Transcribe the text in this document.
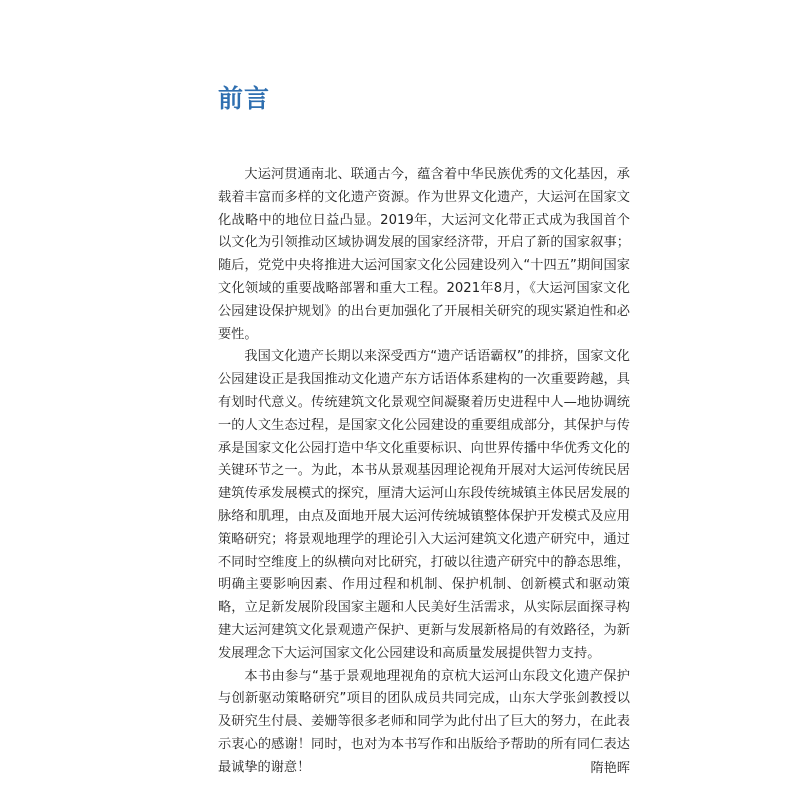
前言

大运河贯通南北、联通古今，蕴含着中华民族优秀的文化基因，承载着丰富而多样的文化遗产资源。作为世界文化遗产，大运河在国家文化战略中的地位日益凸显。2019年，大运河文化带正式成为我国首个以文化为引领推动区域协调发展的国家经济带，开启了新的国家叙事；随后，党党中央将推进大运河国家文化公园建设列入“十四五”期间国家文化领域的重要战略部署和重大工程。2021年8月，《大运河国家文化公园建设保护规划》的出台更加强化了开展相关研究的现实紧迫性和必要性。

我国文化遗产长期以来深受西方“遗产话语霸权”的排挤，国家文化公园建设正是我国推动文化遗产东方话语体系建构的一次重要跨越，具有划时代意义。传统建筑文化景观空间凝聚着历史进程中人—地协调统一的人文生态过程，是国家文化公园建设的重要组成部分，其保护与传承是国家文化公园打造中华文化重要标识、向世界传播中华优秀文化的关键环节之一。为此，本书从景观基因理论视角开展对大运河传统民居建筑传承发展模式的探究，厘清大运河山东段传统城镇主体民居发展的脉络和肌理，由点及面地开展大运河传统城镇整体保护开发模式及应用策略研究；将景观地理学的理论引入大运河建筑文化遗产研究中，通过不同时空维度上的纵横向对比研究，打破以往遗产研究中的静态思维，明确主要影响因素、作用过程和机制、保护机制、创新模式和驱动策略，立足新发展阶段国家主题和人民美好生活需求，从实际层面探寻构建大运河建筑文化景观遗产保护、更新与发展新格局的有效路径，为新发展理念下大运河国家文化公园建设和高质量发展提供智力支持。

本书由参与“基于景观地理视角的京杭大运河山东段文化遗产保护与创新驱动策略研究”项目的团队成员共同完成，山东大学张剑教授以及研究生付晨、姜姗等很多老师和同学为此付出了巨大的努力，在此表示衷心的感谢！同时，也对为本书写作和出版给予帮助的所有同仁表达最诚挚的谢意！	隋艳晖
